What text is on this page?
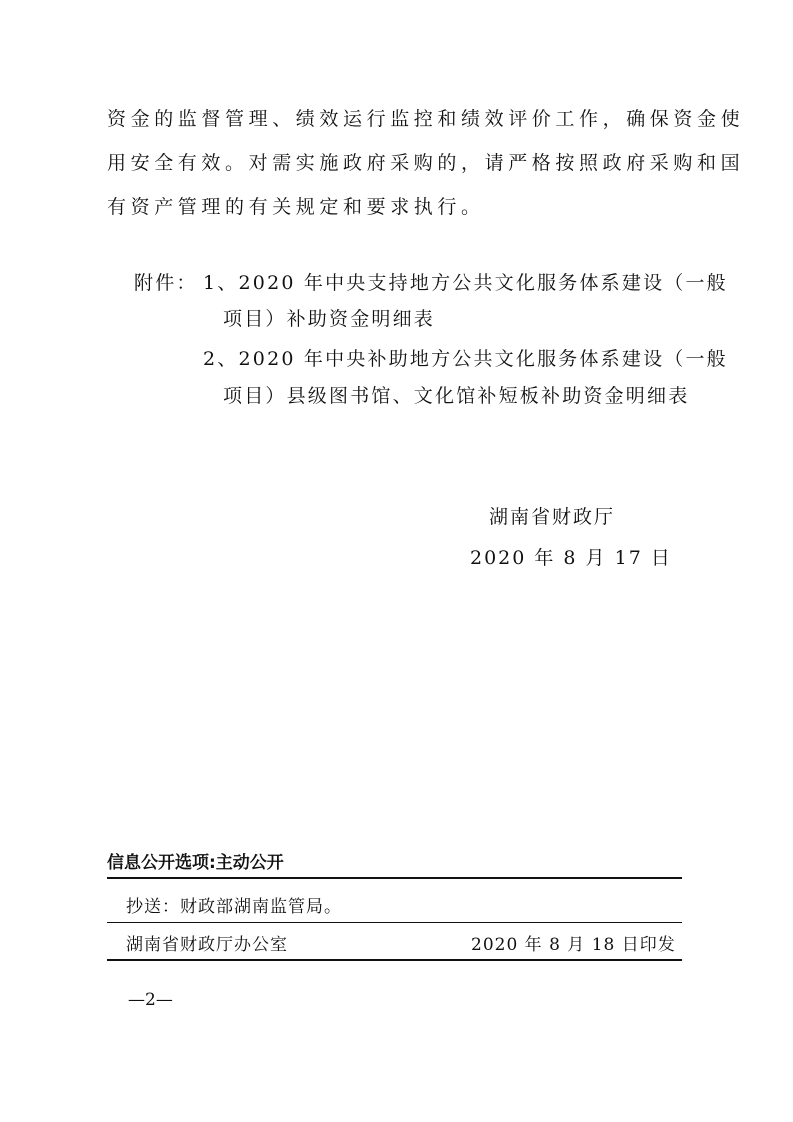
资金的监督管理、绩效运行监控和绩效评价工作，确保资金使
用安全有效。对需实施政府采购的，请严格按照政府采购和国
有资产管理的有关规定和要求执行。
附件： 1、2020 年中央支持地方公共文化服务体系建设（一般
项目）补助资金明细表
2、2020 年中央补助地方公共文化服务体系建设（一般
项目）县级图书馆、文化馆补短板补助资金明细表
湖南省财政厅
2020 年 8 月 17 日
信息公开选项:主动公开
抄送：财政部湖南监管局。
湖南省财政厅办公室	2020 年 8 月 18 日印发
—2—
